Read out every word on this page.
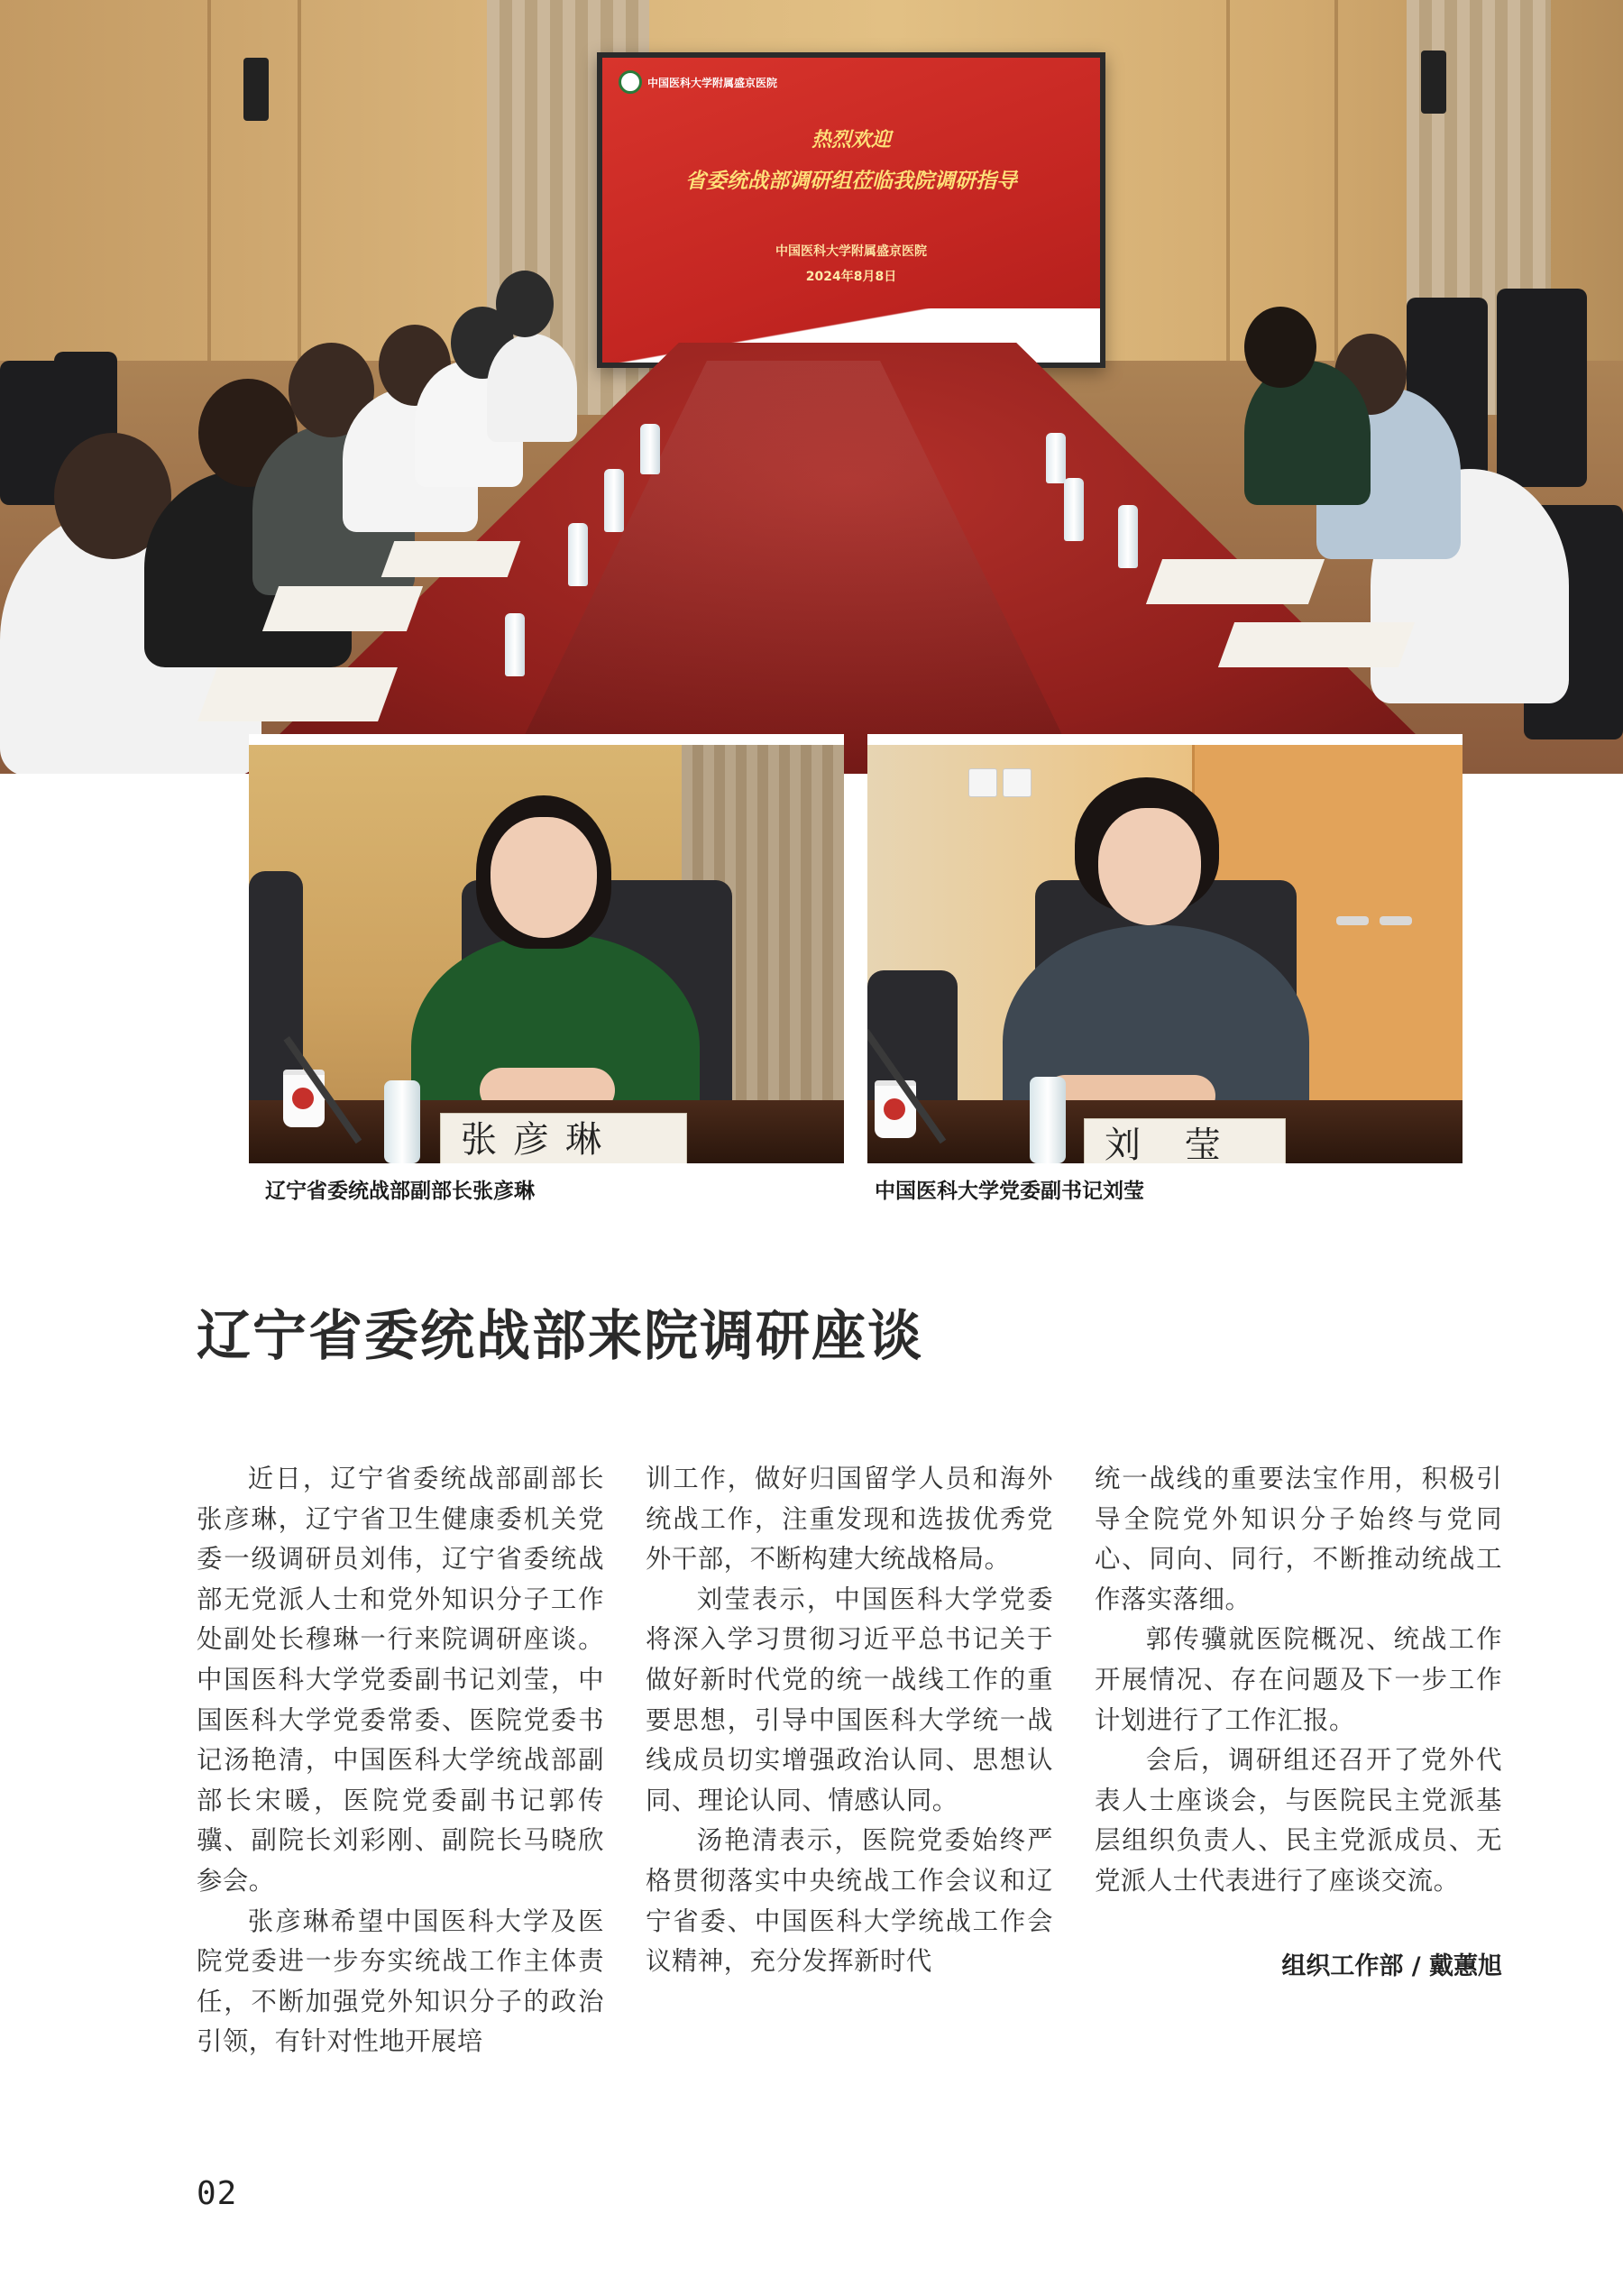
中国医科大学附属盛京医院
热烈欢迎
省委统战部调研组莅临我院调研指导
中国医科大学附属盛京医院
2024年8月8日
张彦琳
辽宁省委统战部副部长张彦琳
刘 莹
中国医科大学党委副书记刘莹
辽宁省委统战部来院调研座谈

近日，辽宁省委统战部副部长张彦琳，辽宁省卫生健康委机关党委一级调研员刘伟，辽宁省委统战部无党派人士和党外知识分子工作处副处长穆琳一行来院调研座谈。中国医科大学党委副书记刘莹，中国医科大学党委常委、医院党委书记汤艳清，中国医科大学统战部副部长宋暖，医院党委副书记郭传骥、副院长刘彩刚、副院长马晓欣参会。

张彦琳希望中国医科大学及医院党委进一步夯实统战工作主体责任，不断加强党外知识分子的政治引领，有针对性地开展培

训工作，做好归国留学人员和海外统战工作，注重发现和选拔优秀党外干部，不断构建大统战格局。

刘莹表示，中国医科大学党委将深入学习贯彻习近平总书记关于做好新时代党的统一战线工作的重要思想，引导中国医科大学统一战线成员切实增强政治认同、思想认同、理论认同、情感认同。

汤艳清表示，医院党委始终严格贯彻落实中央统战工作会议和辽宁省委、中国医科大学统战工作会议精神，充分发挥新时代

统一战线的重要法宝作用，积极引导全院党外知识分子始终与党同心、同向、同行，不断推动统战工作落实落细。

郭传骥就医院概况、统战工作开展情况、存在问题及下一步工作计划进行了工作汇报。

会后，调研组还召开了党外代表人士座谈会，与医院民主党派基层组织负责人、民主党派成员、无党派人士代表进行了座谈交流。

组织工作部 / 戴蕙旭
02
